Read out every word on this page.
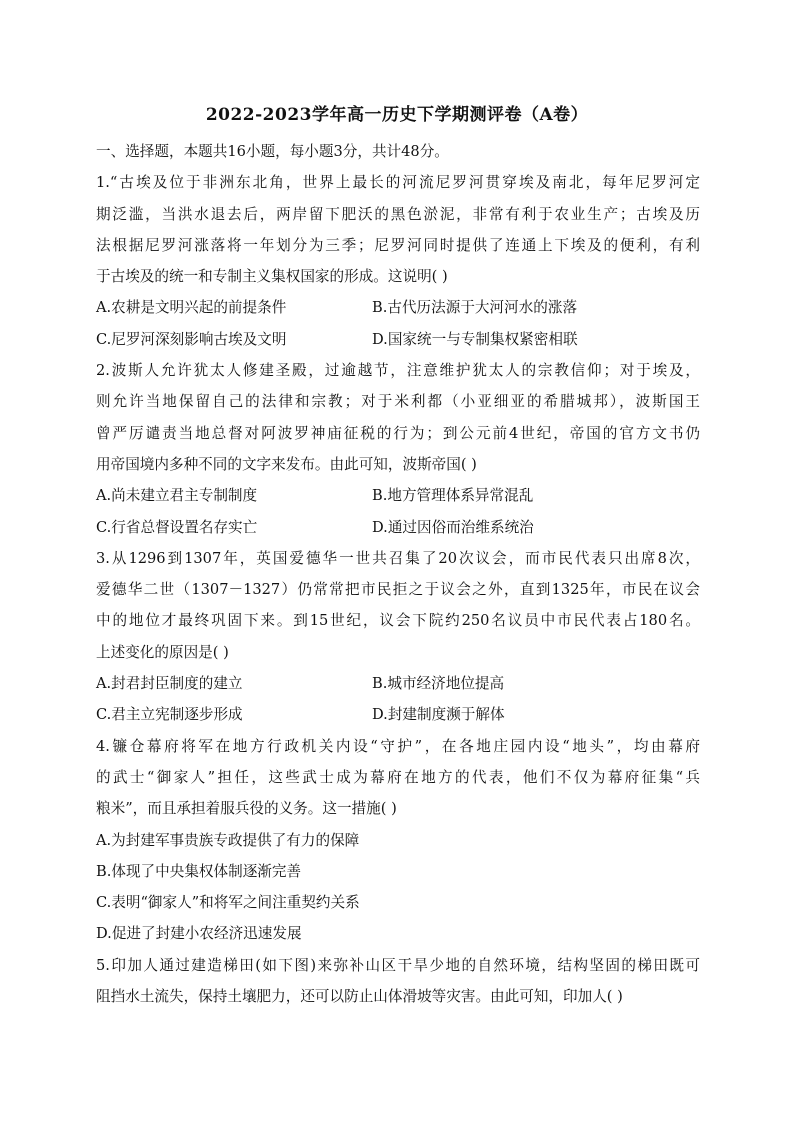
2022-2023学年高一历史下学期测评卷（A卷）
一、选择题，本题共16小题，每小题3分，共计48分。
1.“古埃及位于非洲东北角，世界上最长的河流尼罗河贯穿埃及南北，每年尼罗河定
期泛滥，当洪水退去后，两岸留下肥沃的黑色淤泥，非常有利于农业生产；古埃及历
法根据尼罗河涨落将一年划分为三季；尼罗河同时提供了连通上下埃及的便利，有利
于古埃及的统一和专制主义集权国家的形成。这说明( )
A.农耕是文明兴起的前提条件	B.古代历法源于大河河水的涨落
C.尼罗河深刻影响古埃及文明	D.国家统一与专制集权紧密相联
2.波斯人允许犹太人修建圣殿，过逾越节，注意维护犹太人的宗教信仰；对于埃及，
则允许当地保留自己的法律和宗教；对于米利都（小亚细亚的希腊城邦），波斯国王
曾严厉谴责当地总督对阿波罗神庙征税的行为；到公元前4世纪，帝国的官方文书仍
用帝国境内多种不同的文字来发布。由此可知，波斯帝国( )
A.尚未建立君主专制制度	B.地方管理体系异常混乱
C.行省总督设置名存实亡	D.通过因俗而治维系统治
3.从1296到1307年，英国爱德华一世共召集了20次议会，而市民代表只出席8次，
爱德华二世（1307－1327）仍常常把市民拒之于议会之外，直到1325年，市民在议会
中的地位才最终巩固下来。到15世纪，议会下院约250名议员中市民代表占180名。
上述变化的原因是( )
A.封君封臣制度的建立	B.城市经济地位提高
C.君主立宪制逐步形成	D.封建制度濒于解体
4.镰仓幕府将军在地方行政机关内设“守护”，在各地庄园内设“地头”，均由幕府
的武士“御家人”担任，这些武士成为幕府在地方的代表，他们不仅为幕府征集“兵
粮米”，而且承担着服兵役的义务。这一措施( )
A.为封建军事贵族专政提供了有力的保障
B.体现了中央集权体制逐渐完善
C.表明“御家人”和将军之间注重契约关系
D.促进了封建小农经济迅速发展
5.印加人通过建造梯田(如下图)来弥补山区干旱少地的自然环境，结构坚固的梯田既可
阻挡水土流失，保持土壤肥力，还可以防止山体滑坡等灾害。由此可知，印加人( )
